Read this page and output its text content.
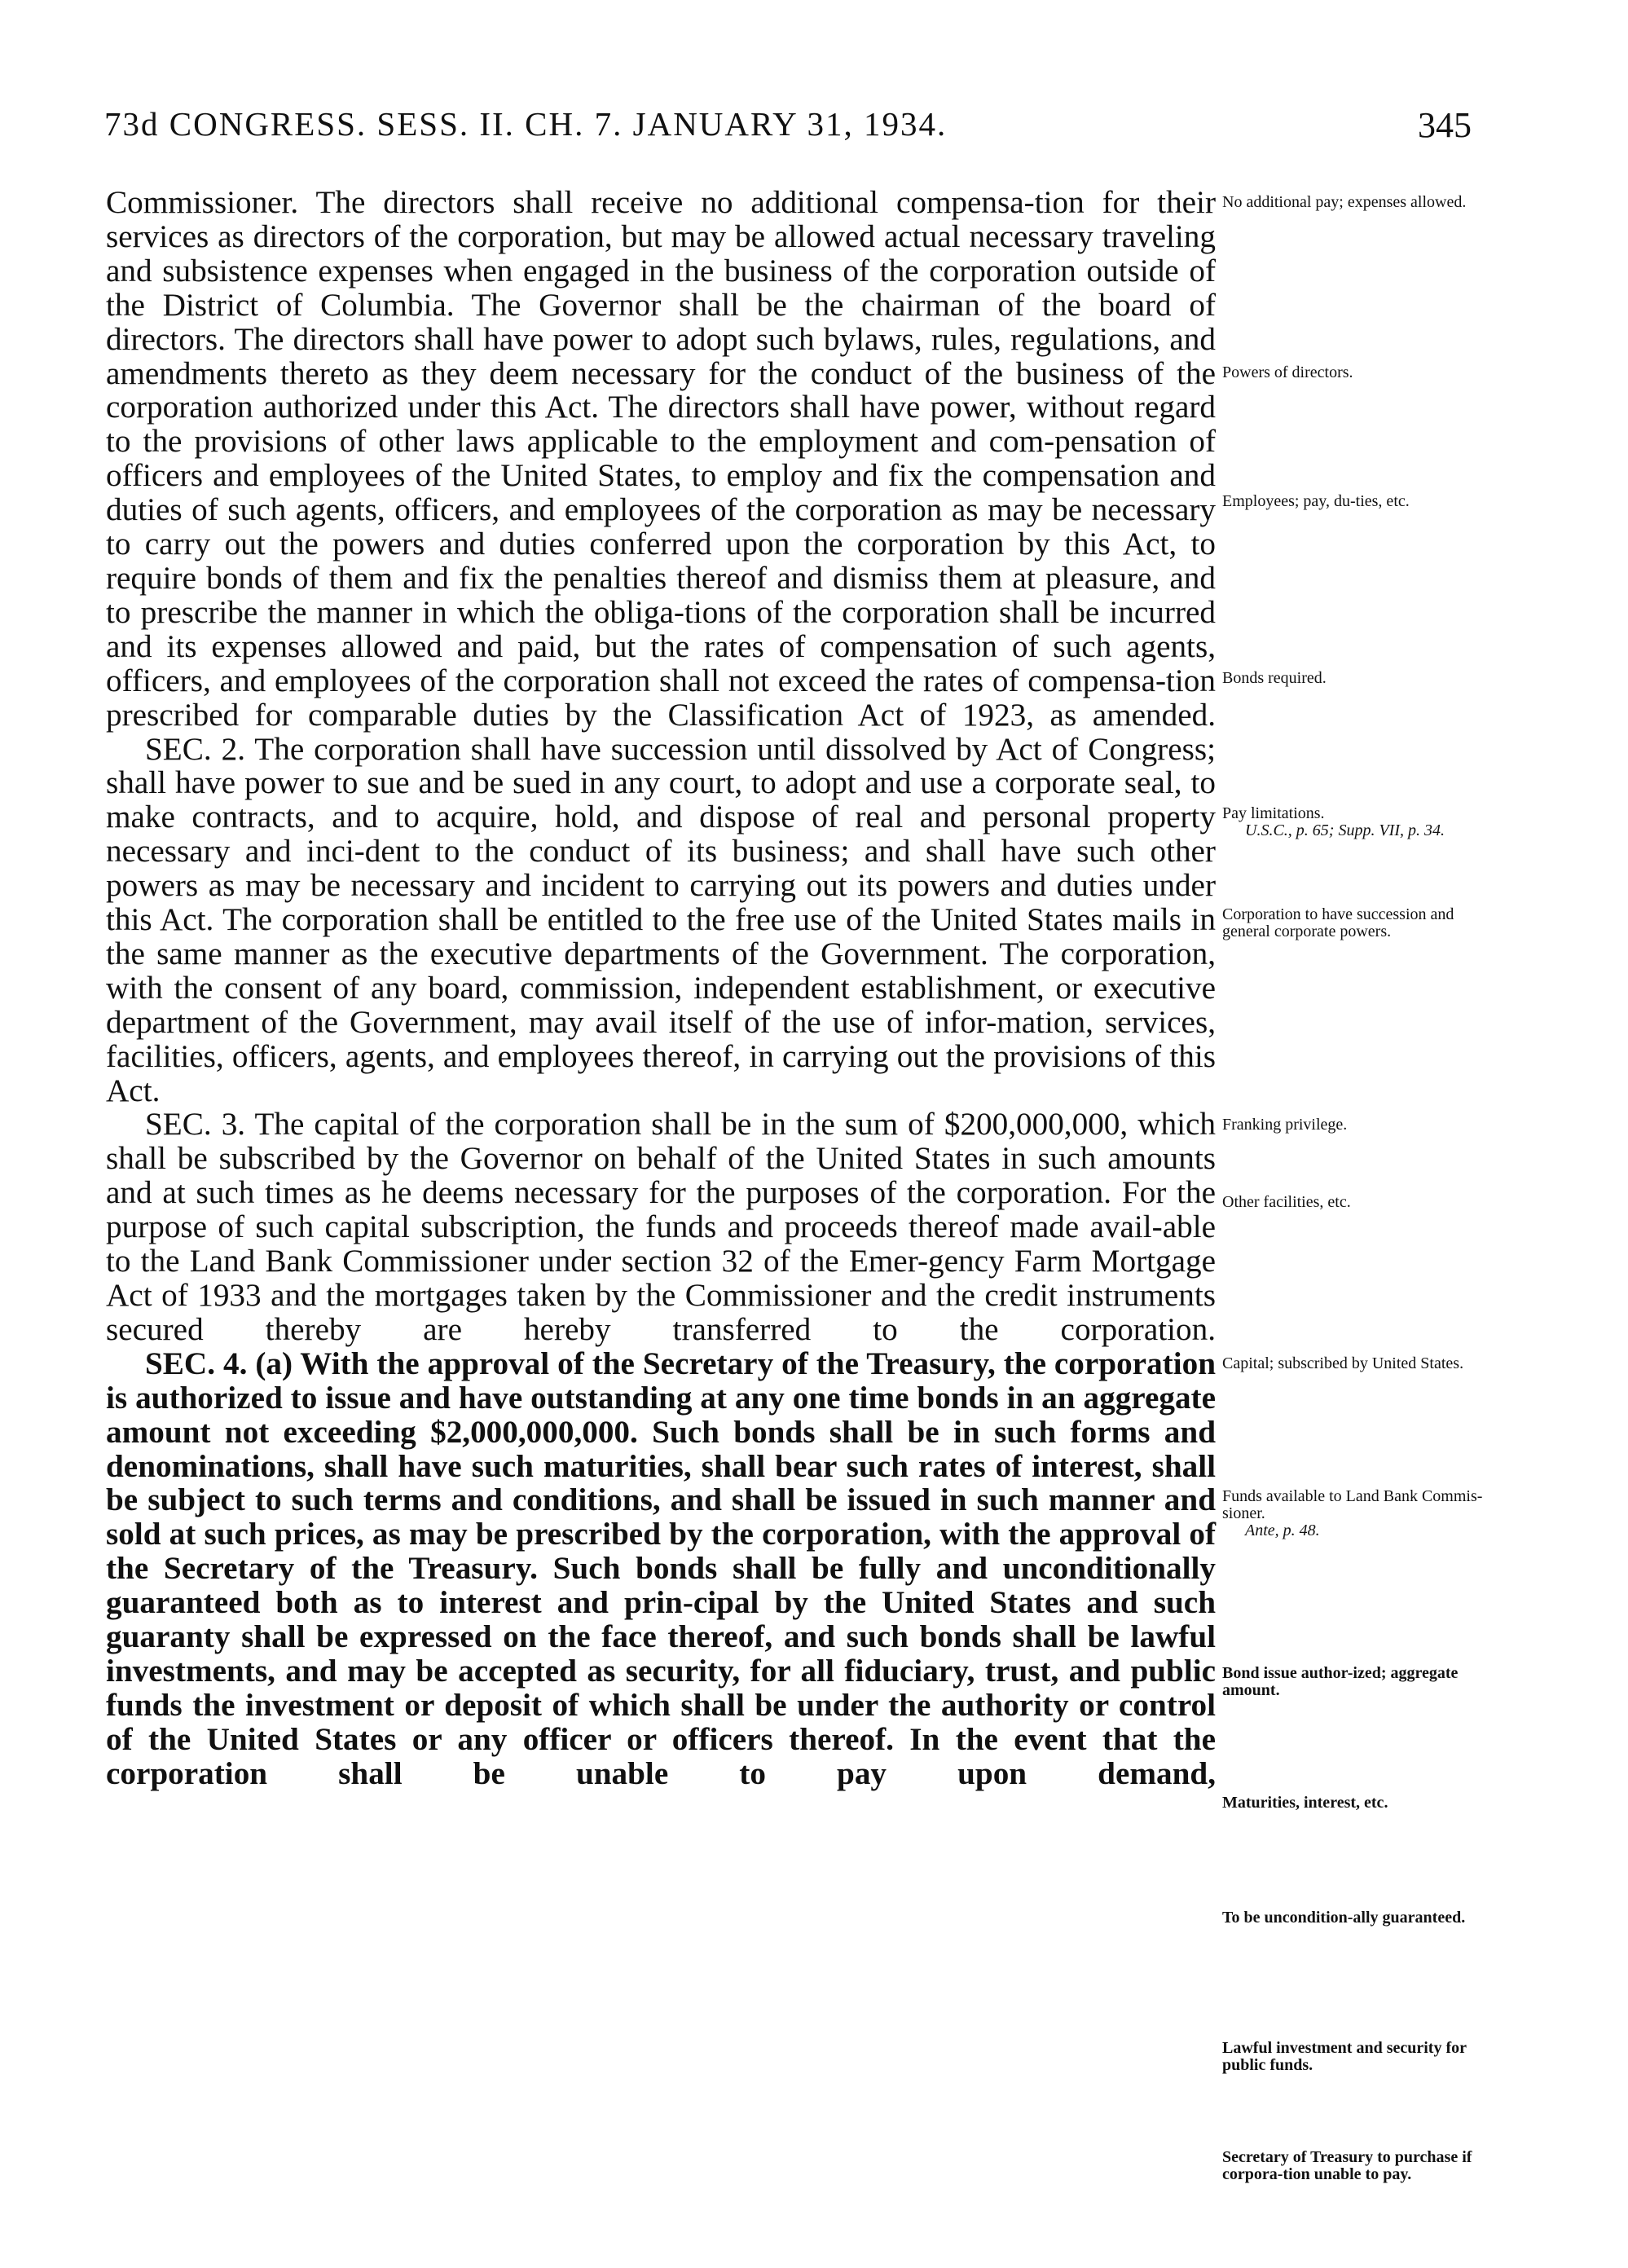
73d CONGRESS. SESS. II. CH. 7. JANUARY 31, 1934.	345

Commissioner. The directors shall receive no additional compensa-tion for their services as directors of the corporation, but may be allowed actual necessary traveling and subsistence expenses when engaged in the business of the corporation outside of the District of Columbia. The Governor shall be the chairman of the board of directors. The directors shall have power to adopt such bylaws, rules, regulations, and amendments thereto as they deem necessary for the conduct of the business of the corporation authorized under this Act. The directors shall have power, without regard to the provisions of other laws applicable to the employment and com-pensation of officers and employees of the United States, to employ and fix the compensation and duties of such agents, officers, and employees of the corporation as may be necessary to carry out the powers and duties conferred upon the corporation by this Act, to require bonds of them and fix the penalties thereof and dismiss them at pleasure, and to prescribe the manner in which the obliga-tions of the corporation shall be incurred and its expenses allowed and paid, but the rates of compensation of such agents, officers, and employees of the corporation shall not exceed the rates of compensa-tion prescribed for comparable duties by the Classification Act of 1923, as amended.

SEC. 2. The corporation shall have succession until dissolved by Act of Congress; shall have power to sue and be sued in any court, to adopt and use a corporate seal, to make contracts, and to acquire, hold, and dispose of real and personal property necessary and inci-dent to the conduct of its business; and shall have such other powers as may be necessary and incident to carrying out its powers and duties under this Act. The corporation shall be entitled to the free use of the United States mails in the same manner as the executive departments of the Government. The corporation, with the consent of any board, commission, independent establishment, or executive department of the Government, may avail itself of the use of infor-mation, services, facilities, officers, agents, and employees thereof, in carrying out the provisions of this Act.

SEC. 3. The capital of the corporation shall be in the sum of $200,000,000, which shall be subscribed by the Governor on behalf of the United States in such amounts and at such times as he deems necessary for the purposes of the corporation. For the purpose of such capital subscription, the funds and proceeds thereof made avail-able to the Land Bank Commissioner under section 32 of the Emer-gency Farm Mortgage Act of 1933 and the mortgages taken by the Commissioner and the credit instruments secured thereby are hereby transferred to the corporation.

SEC. 4. (a) With the approval of the Secretary of the Treasury, the corporation is authorized to issue and have outstanding at any one time bonds in an aggregate amount not exceeding $2,000,000,000. Such bonds shall be in such forms and denominations, shall have such maturities, shall bear such rates of interest, shall be subject to such terms and conditions, and shall be issued in such manner and sold at such prices, as may be prescribed by the corporation, with the approval of the Secretary of the Treasury. Such bonds shall be fully and unconditionally guaranteed both as to interest and prin-cipal by the United States and such guaranty shall be expressed on the face thereof, and such bonds shall be lawful investments, and may be accepted as security, for all fiduciary, trust, and public funds the investment or deposit of which shall be under the authority or control of the United States or any officer or officers thereof. In the event that the corporation shall be unable to pay upon demand,

No additional pay; expenses allowed.
Powers of directors.
Employees; pay, du-ties, etc.
Bonds required.
Pay limitations.
U.S.C., p. 65; Supp. VII, p. 34.
Corporation to have succession and general corporate powers.
Franking privilege.
Other facilities, etc.
Capital; subscribed by United States.
Funds available to Land Bank Commis-sioner.
Ante, p. 48.
Bond issue author-ized; aggregate amount.
Maturities, interest, etc.
To be uncondition-ally guaranteed.
Lawful investment and security for public funds.
Secretary of Treasury to purchase if corpora-tion unable to pay.
